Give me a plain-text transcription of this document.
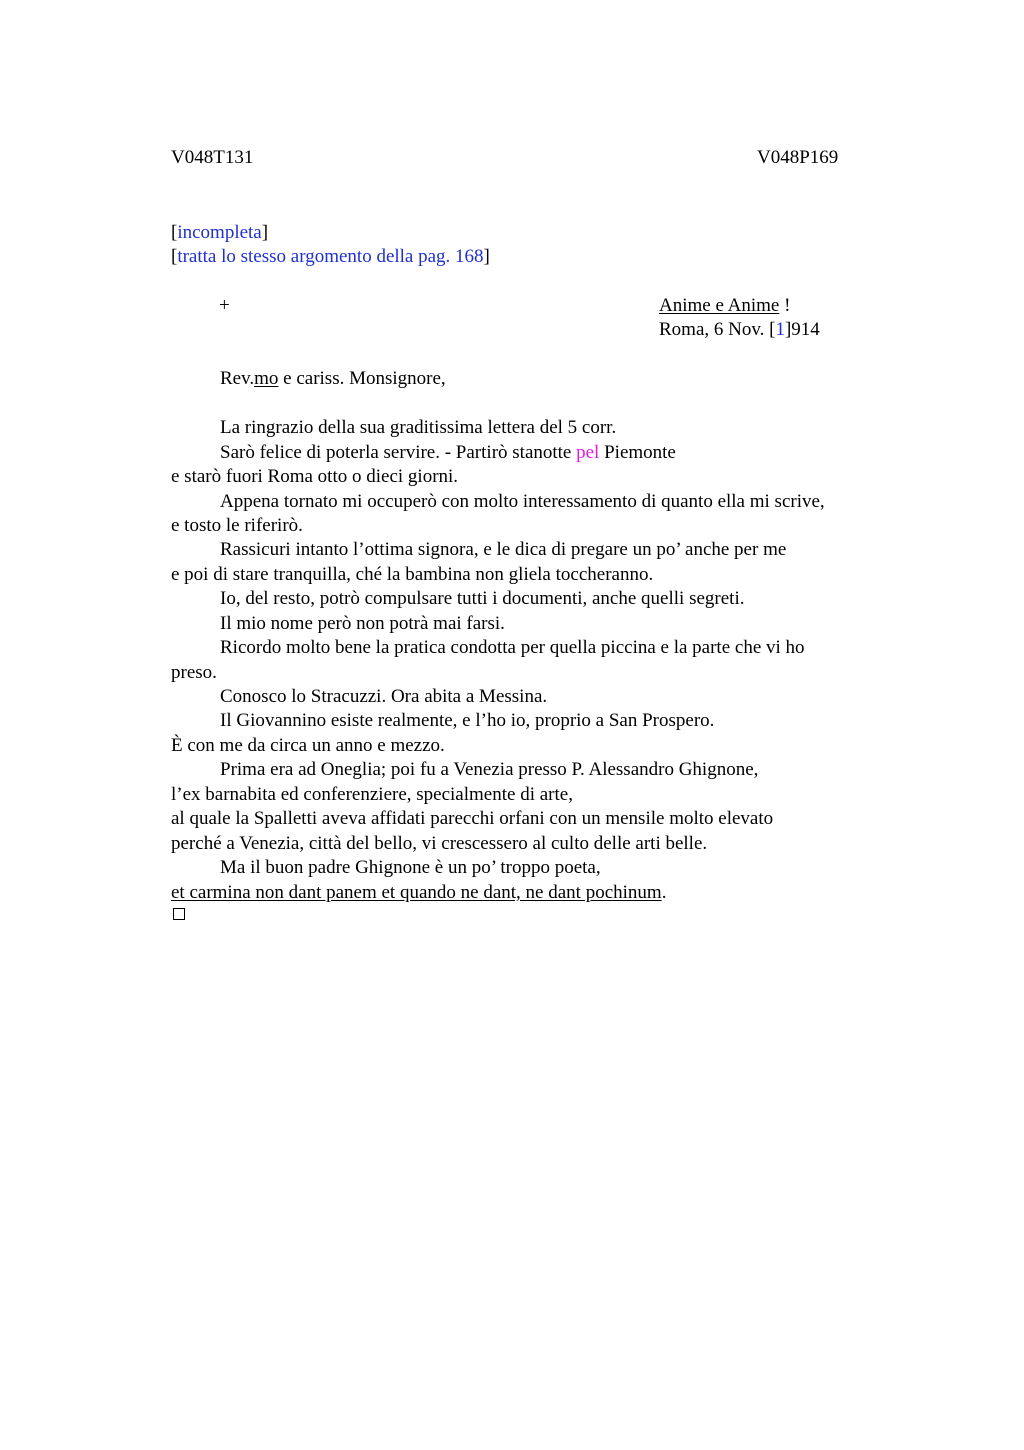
V048T131	V048P169
[incompleta]
[tratta lo stesso argomento della pag. 168]
+	Anime e Anime !
Roma, 6 Nov. [1]914
Rev.mo e cariss. Monsignore,
La ringrazio della sua graditissima lettera del 5 corr.
Sarò felice di poterla servire. - Partirò stanotte pel Piemonte
e starò fuori Roma otto o dieci giorni.
Appena tornato mi occuperò con molto interessamento di quanto ella mi scrive,
e tosto le riferirò.
Rassicuri intanto l’ottima signora, e le dica di pregare un po’ anche per me
e poi di stare tranquilla, ché la bambina non gliela toccheranno.
Io, del resto, potrò compulsare tutti i documenti, anche quelli segreti.
Il mio nome però non potrà mai farsi.
Ricordo molto bene la pratica condotta per quella piccina e la parte che vi ho
preso.
Conosco lo Stracuzzi. Ora abita a Messina.
Il Giovannino esiste realmente, e l’ho io, proprio a San Prospero.
È con me da circa un anno e mezzo.
Prima era ad Oneglia; poi fu a Venezia presso P. Alessandro Ghignone,
l’ex barnabita ed conferenziere, specialmente di arte,
al quale la Spalletti aveva affidati parecchi orfani con un mensile molto elevato
perché a Venezia, città del bello, vi crescessero al culto delle arti belle.
Ma il buon padre Ghignone è un po’ troppo poeta,
et carmina non dant panem et quando ne dant, ne dant pochinum.
